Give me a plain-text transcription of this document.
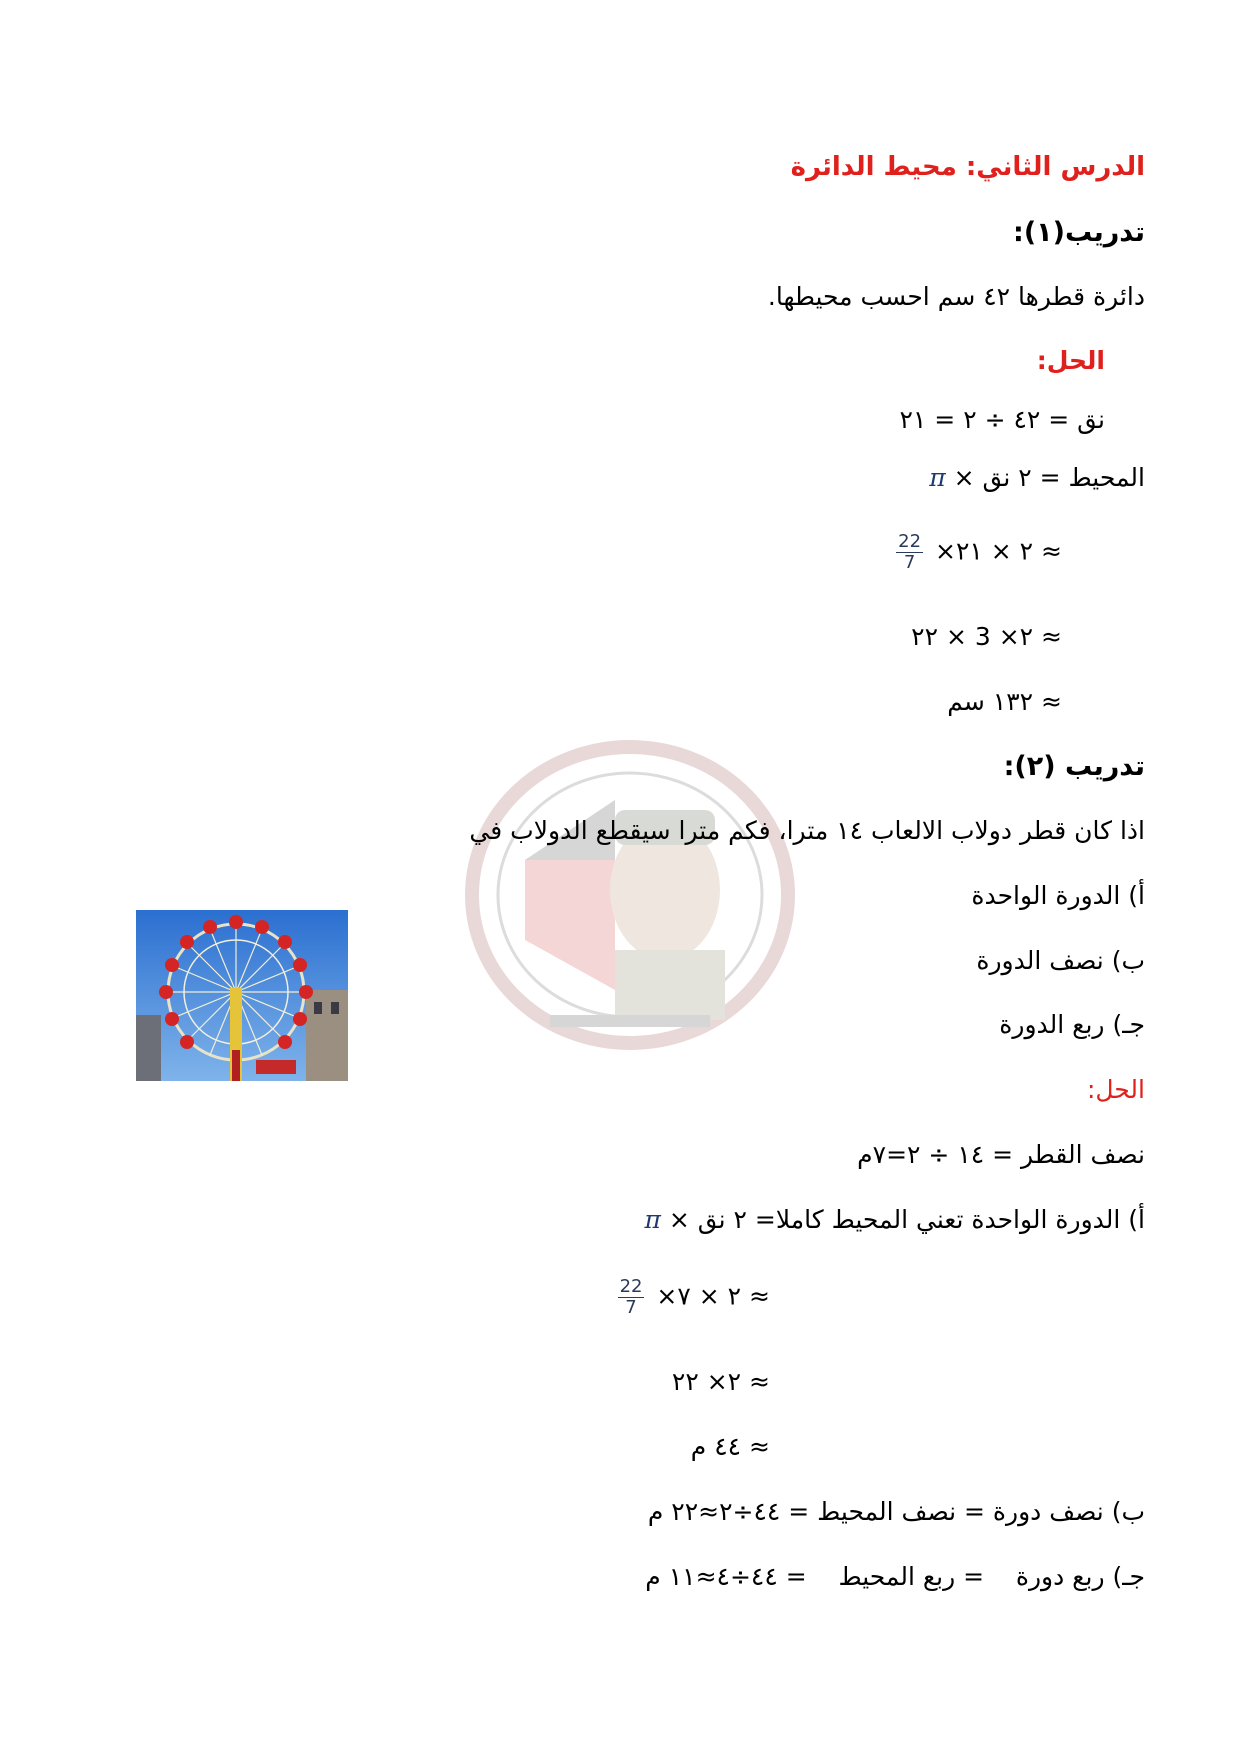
الدرس الثاني: محيط الدائرة
تدريب(١):
دائرة قطرها ٤٢ سم احسب محيطها.
الحل:
نق = ٤٢ ÷ ٢ = ٢١
المحيط = ٢ نق × π
≈ ٢ × ٢١×
$\frac{22}{7}$
≈ ٢× 3 × ٢٢
≈ ١٣٢ سم
تدريب (٢):
اذا كان قطر دولاب الالعاب ١٤ مترا، فكم مترا سيقطع الدولاب في
أ) الدورة الواحدة
ب) نصف الدورة
جـ) ربع الدورة
الحل:
نصف القطر = ١٤ ÷ ٢=٧م
أ) الدورة الواحدة تعني المحيط كاملا= ٢ نق × π
≈ ٢ × ٧×
$\frac{22}{7}$
≈ ٢× ٢٢
≈ ٤٤ م
ب) نصف دورة = نصف المحيط = ٤٤÷٢≈٢٢ م
جـ) ربع دورة    = ربع المحيط    = ٤٤÷٤≈١١ م
